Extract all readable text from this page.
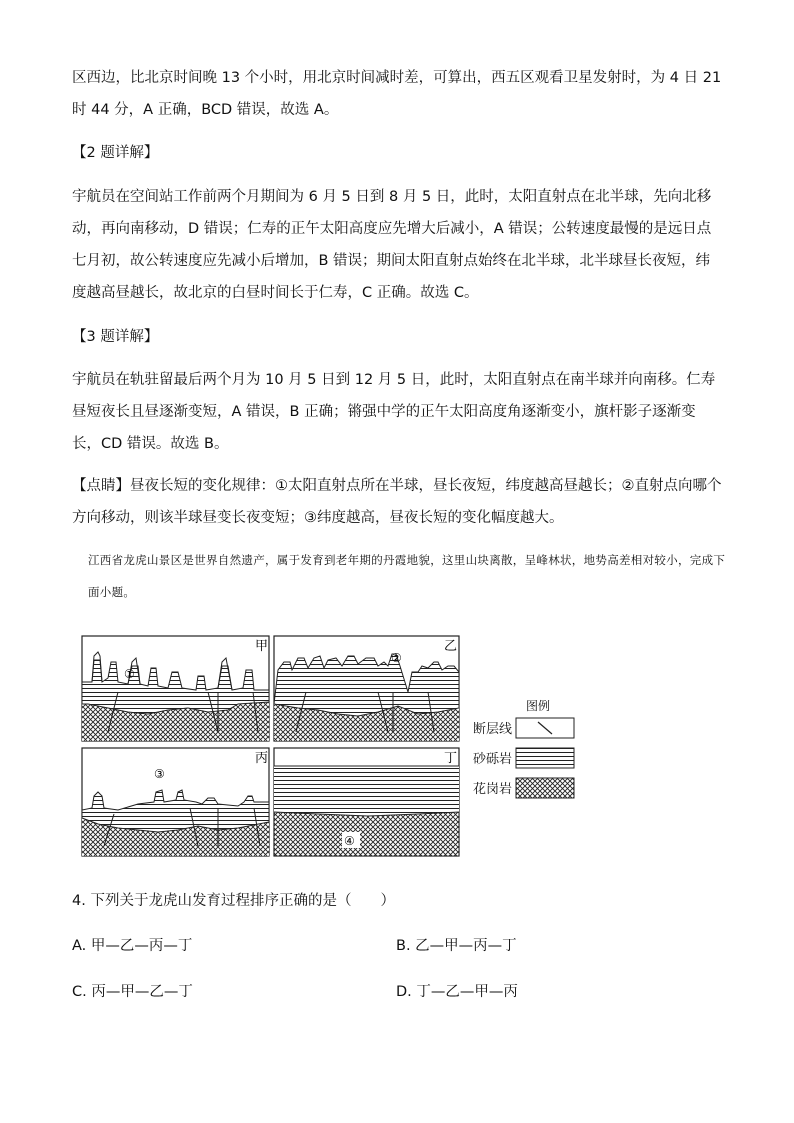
区西边，比北京时间晚 13 个小时，用北京时间减时差，可算出，西五区观看卫星发射时，为 4 日 21 时 44 分，A 正确，BCD 错误，故选 A。

【2 题详解】

宇航员在空间站工作前两个月期间为 6 月 5 日到 8 月 5 日，此时，太阳直射点在北半球，先向北移动，再向南移动，D 错误；仁寿的正午太阳高度应先增大后减小，A 错误；公转速度最慢的是远日点七月初，故公转速度应先减小后增加，B 错误；期间太阳直射点始终在北半球，北半球昼长夜短，纬度越高昼越长，故北京的白昼时间长于仁寿，C 正确。故选 C。

【3 题详解】

宇航员在轨驻留最后两个月为 10 月 5 日到 12 月 5 日，此时，太阳直射点在南半球并向南移。仁寿昼短夜长且昼逐渐变短，A 错误，B 正确；锵强中学的正午太阳高度角逐渐变小，旗杆影子逐渐变长，CD 错误。故选 B。

【点睛】昼夜长短的变化规律：①太阳直射点所在半球，昼长夜短，纬度越高昼越长；②直射点向哪个方向移动，则该半球昼变长夜变短；③纬度越高，昼夜长短的变化幅度越大。

江西省龙虎山景区是世界自然遗产，属于发育到老年期的丹霞地貌，这里山块离散，呈峰林状，地势高差相对较小，完成下面小题。

甲
①
乙
②
丙
③
丁
④
图例
断层线
砂砾岩
花岗岩
4. 下列关于龙虎山发育过程排序正确的是（　　）
A. 甲—乙—丙—丁	B. 乙—甲—丙—丁
C. 丙—甲—乙—丁	D. 丁—乙—甲—丙
